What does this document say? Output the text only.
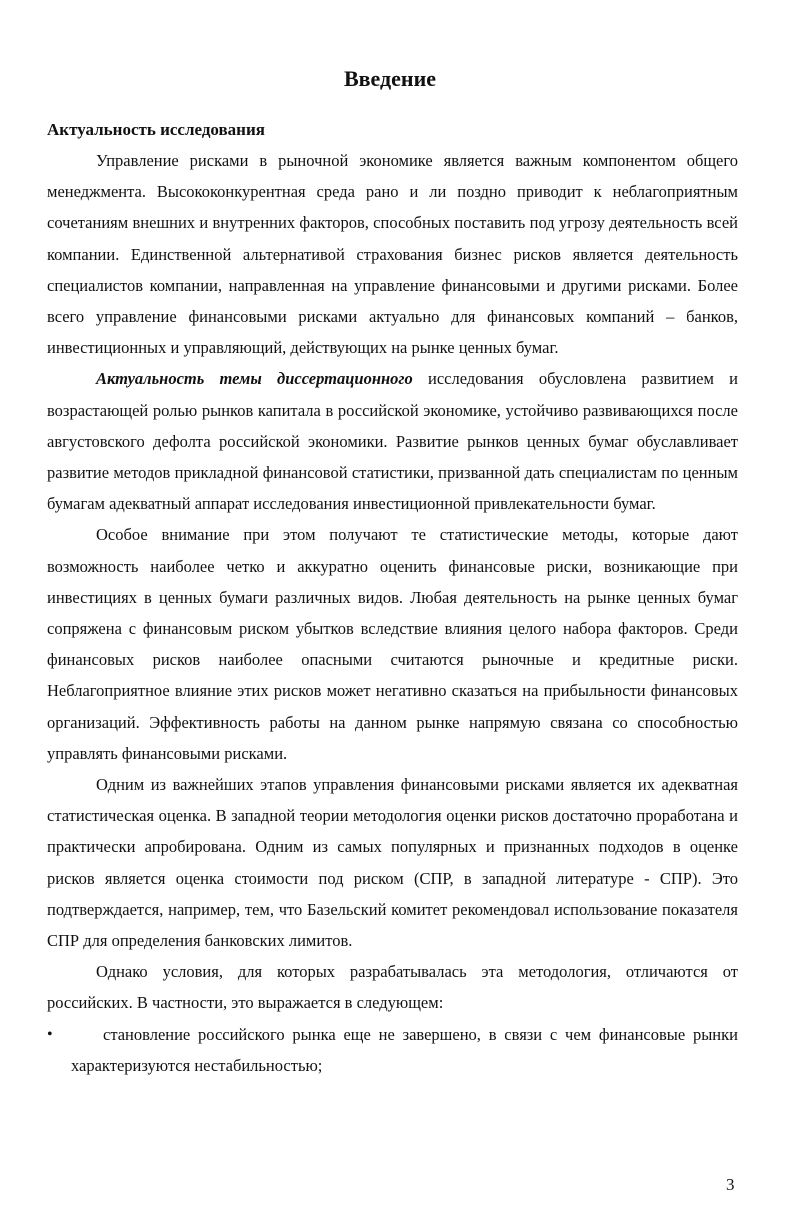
Введение
Актуальность исследования

Управление рисками в рыночной экономике является важным компонентом общего менеджмента. Высококонкурентная среда рано и ли поздно приводит к неблагоприятным сочетаниям внешних и внутренних факторов, способных поставить под угрозу деятельность всей компании. Единственной альтернативой страхования бизнес рисков является деятельность специалистов компании, направленная на управление финансовыми и другими рисками. Более всего управление финансовыми рисками актуально для финансовых компаний – банков, инвестиционных и управляющий, действующих на рынке ценных бумаг.

Актуальность темы диссертационного исследования обусловлена развитием и возрастающей ролью рынков капитала в российской экономике, устойчиво развивающихся после августовского дефолта российской экономики. Развитие рынков ценных бумаг обуславливает развитие методов прикладной финансовой статистики, призванной дать специалистам по ценным бумагам адекватный аппарат исследования инвестиционной привлекательности бумаг.

Особое внимание при этом получают те статистические методы, которые дают возможность наиболее четко и аккуратно оценить финансовые риски, возникающие при инвестициях в ценных бумаги различных видов. Любая деятельность на рынке ценных бумаг сопряжена с финансовым риском убытков вследствие влияния целого набора факторов. Среди финансовых рисков наиболее опасными считаются рыночные и кредитные риски. Неблагоприятное влияние этих рисков может негативно сказаться на прибыльности финансовых организаций. Эффективность работы на данном рынке напрямую связана со способностью управлять финансовыми рисками.

Одним из важнейших этапов управления финансовыми рисками является их адекватная статистическая оценка. В западной теории методология оценки рисков достаточно проработана и практически апробирована. Одним из самых популярных и признанных подходов в оценке рисков является оценка стоимости под риском (СПР, в западной литературе - СПР). Это подтверждается, например, тем, что Базельский комитет рекомендовал использование показателя СПР для определения банковских лимитов.

Однако условия, для которых разрабатывалась эта методология, отличаются от российских. В частности, это выражается в следующем:

•	становление российского рынка еще не завершено, в связи с чем финансовые рынки характеризуются нестабильностью;

3
